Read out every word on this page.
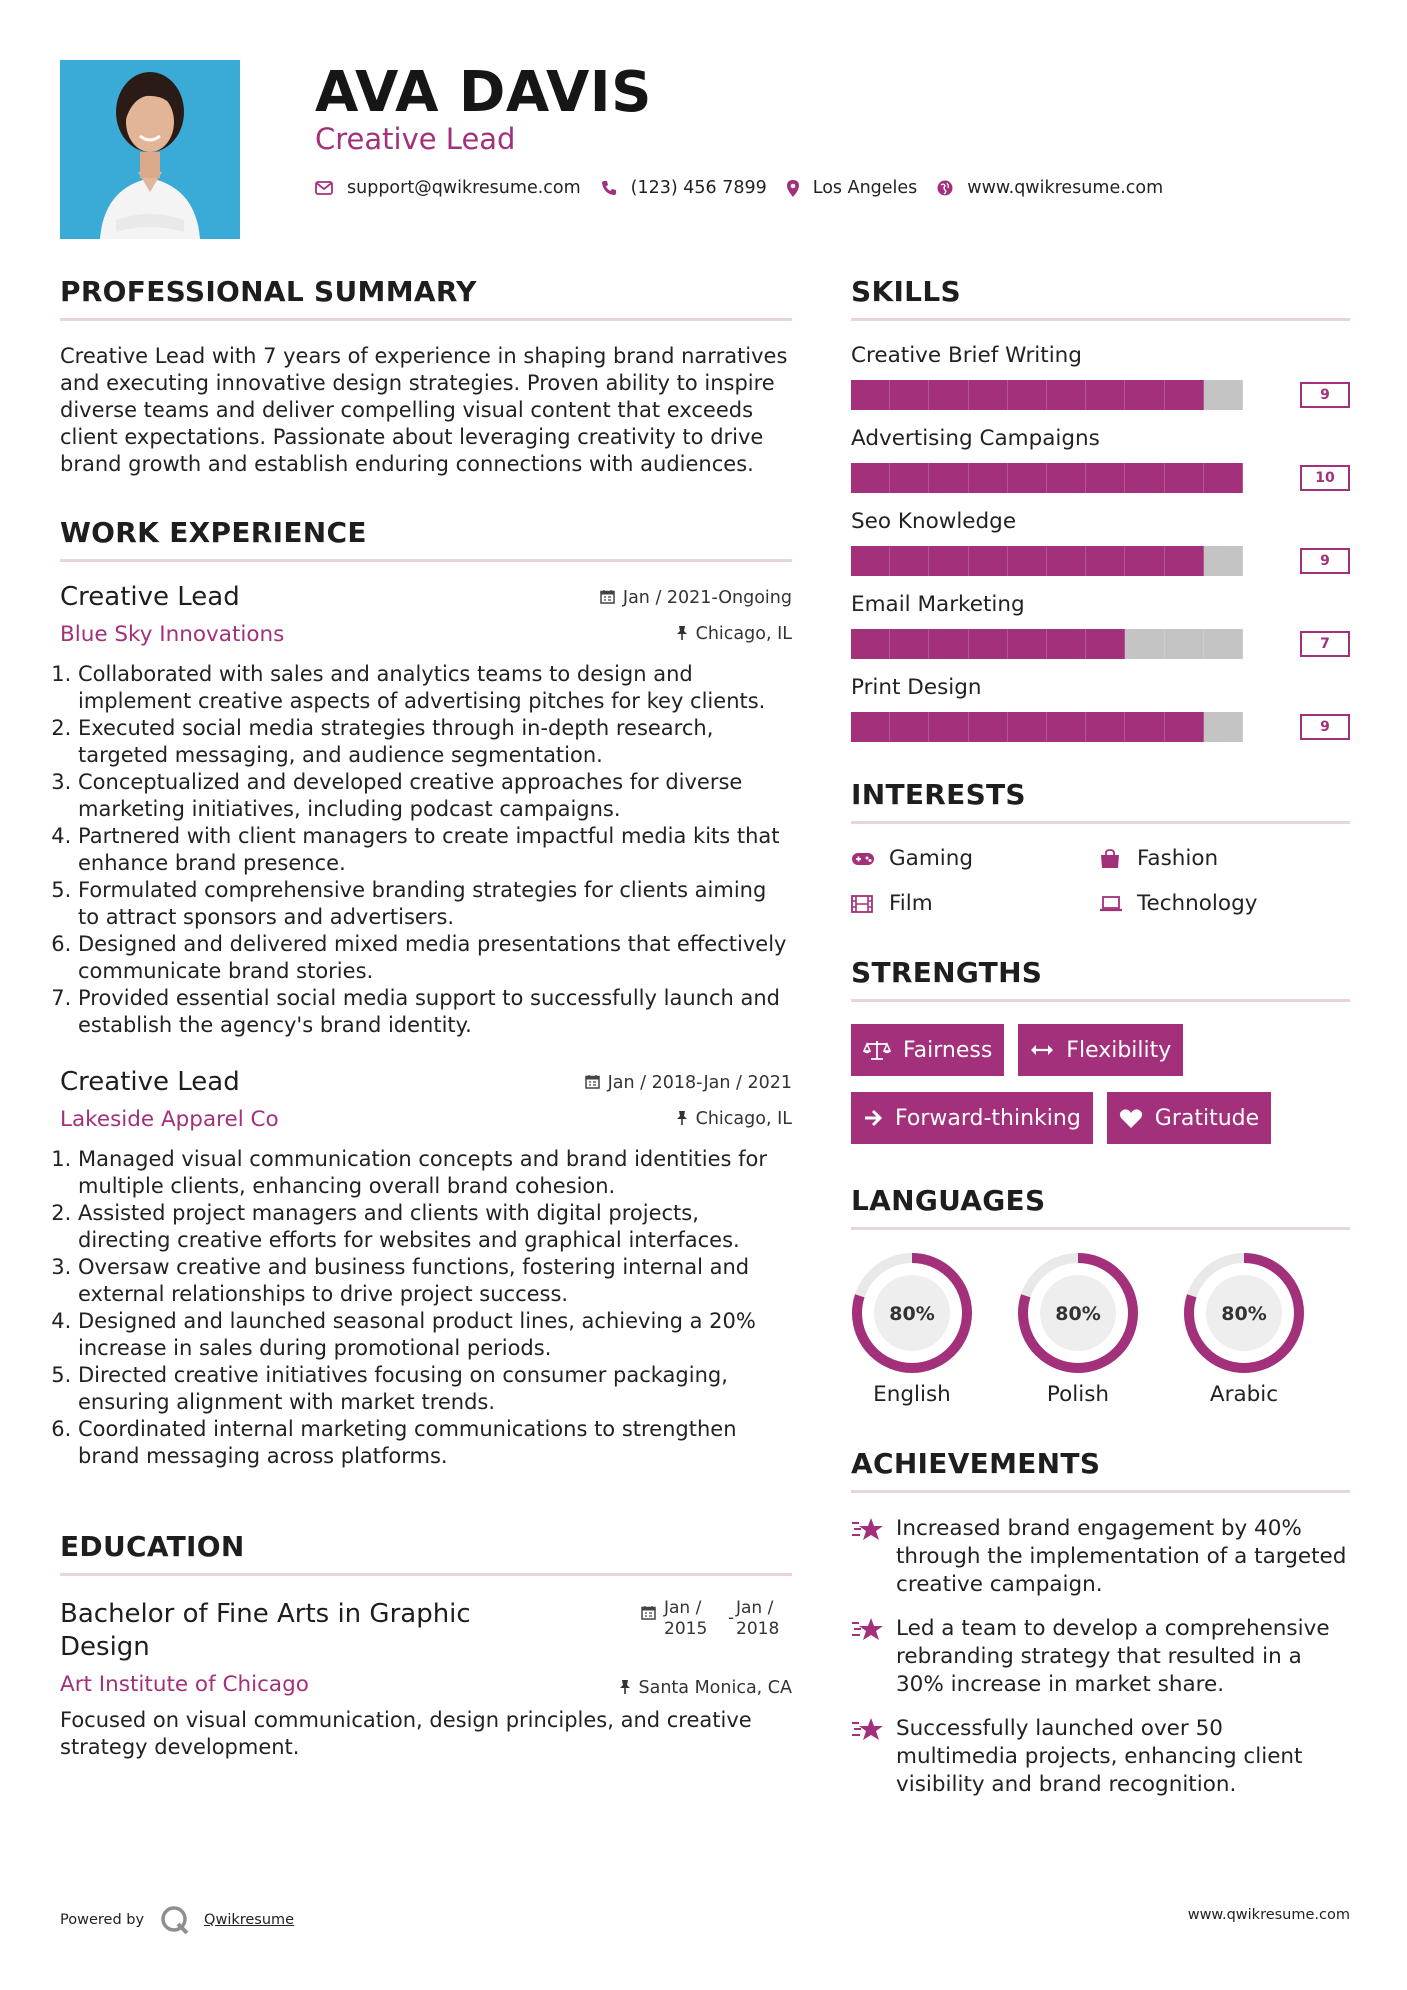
AVA DAVIS
Creative Lead
support@qwikresume.com	(123) 456 7899	Los Angeles	www.qwikresume.com
PROFESSIONAL SUMMARY

Creative Lead with 7 years of experience in shaping brand narratives and executing innovative design strategies. Proven ability to inspire diverse teams and deliver compelling visual content that exceeds client expectations. Passionate about leveraging creativity to drive brand growth and establish enduring connections with audiences.

WORK EXPERIENCE
Jan / 2021-Ongoing
Chicago, IL
Creative Lead
Blue Sky Innovations
1. Collaborated with sales and analytics teams to design and implement creative aspects of advertising pitches for key clients.
2. Executed social media strategies through in-depth research, targeted messaging, and audience segmentation.
3. Conceptualized and developed creative approaches for diverse marketing initiatives, including podcast campaigns.
4. Partnered with client managers to create impactful media kits that enhance brand presence.
5. Formulated comprehensive branding strategies for clients aiming to attract sponsors and advertisers.
6. Designed and delivered mixed media presentations that effectively communicate brand stories.
7. Provided essential social media support to successfully launch and establish the agency's brand identity.
Jan / 2018-Jan / 2021
Chicago, IL
Creative Lead
Lakeside Apparel Co
1. Managed visual communication concepts and brand identities for multiple clients, enhancing overall brand cohesion.
2. Assisted project managers and clients with digital projects, directing creative efforts for websites and graphical interfaces.
3. Oversaw creative and business functions, fostering internal and external relationships to drive project success.
4. Designed and launched seasonal product lines, achieving a 20% increase in sales during promotional periods.
5. Directed creative initiatives focusing on consumer packaging, ensuring alignment with market trends.
6. Coordinated internal marketing communications to strengthen brand messaging across platforms.
EDUCATION
Jan / 2015
- Jan / 2018
Santa Monica, CA
Bachelor of Fine Arts in Graphic Design
Art Institute of Chicago

Focused on visual communication, design principles, and creative strategy development.

SKILLS
Creative Brief Writing
9
Advertising Campaigns
10
Seo Knowledge
9
Email Marketing
7
Print Design
9
INTERESTS
Gaming	Fashion
Film	Technology
STRENGTHS
Fairness	Flexibility
Forward-thinking	Gratitude
LANGUAGES
80%
English
80%
Polish
80%
Arabic
ACHIEVEMENTS
Increased brand engagement by 40% through the implementation of a targeted creative campaign.
Led a team to develop a comprehensive rebranding strategy that resulted in a 30% increase in market share.
Successfully launched over 50 multimedia projects, enhancing client visibility and brand recognition.
Powered by	Qwikresume	www.qwikresume.com
